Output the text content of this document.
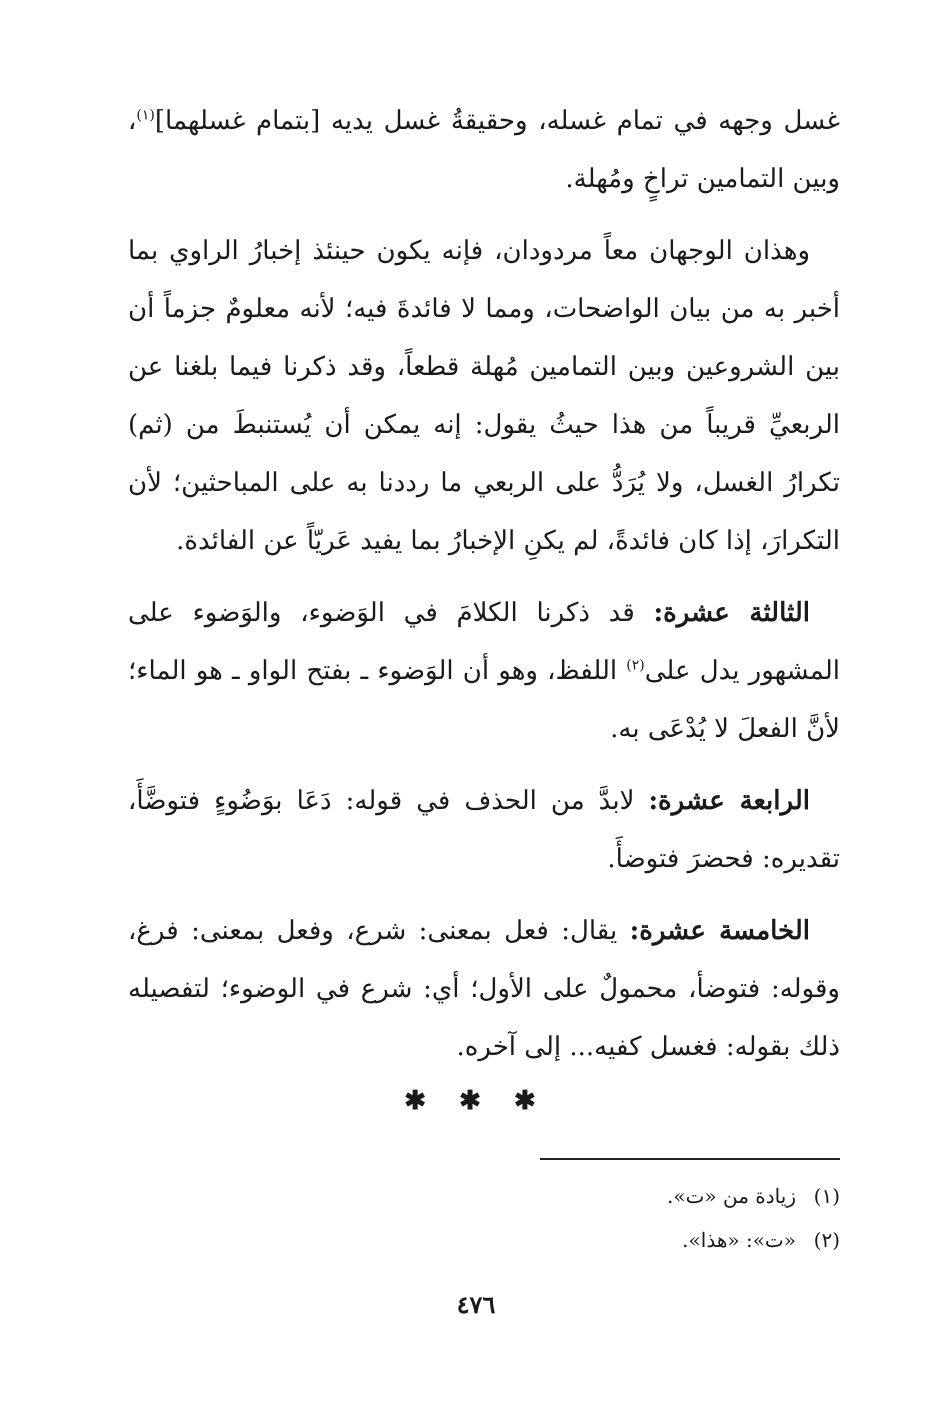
غسل وجهه في تمام غسله، وحقيقةُ غسل يديه [بتمام غسلهما]$^{(١)}$، وبين التمامين تراخٍ ومُهلة.

وهذان الوجهان معاً مردودان، فإنه يكون حينئذ إخبارُ الراوي بما أخبر به من بيان الواضحات، ومما لا فائدةَ فيه؛ لأنه معلومٌ جزماً أن بين الشروعين وبين التمامين مُهلة قطعاً، وقد ذكرنا فيما بلغنا عن الربعيِّ قريباً من هذا حيثُ يقول: إنه يمكن أن يُستنبطَ من (ثم) تكرارُ الغسل، ولا يُرَدُّ على الربعي ما رددنا به على المباحثين؛ لأن التكرارَ، إذا كان فائدةً، لم يكنِ الإخبارُ بما يفيد عَريّاً عن الفائدة.

الثالثة عشرة: قد ذكرنا الكلامَ في الوَضوء، والوَضوء على المشهور يدل على$^{(٢)}$ اللفظ، وهو أن الوَضوء ـ بفتح الواو ـ هو الماء؛ لأنَّ الفعلَ لا يُدْعَى به.

الرابعة عشرة: لابدَّ من الحذف في قوله: دَعَا بوَضُوءٍ فتوضَّأَ، تقديره: فحضرَ فتوضأَ.

الخامسة عشرة: يقال: فعل بمعنى: شرع، وفعل بمعنى: فرغ، وقوله: فتوضأ، محمولٌ على الأول؛ أي: شرع في الوضوء؛ لتفصيله ذلك بقوله: فغسل كفيه... إلى آخره.

✱ ✱ ✱
(١)زيادة من «ت».
(٢)«ت»: «هذا».
٤٧٦
